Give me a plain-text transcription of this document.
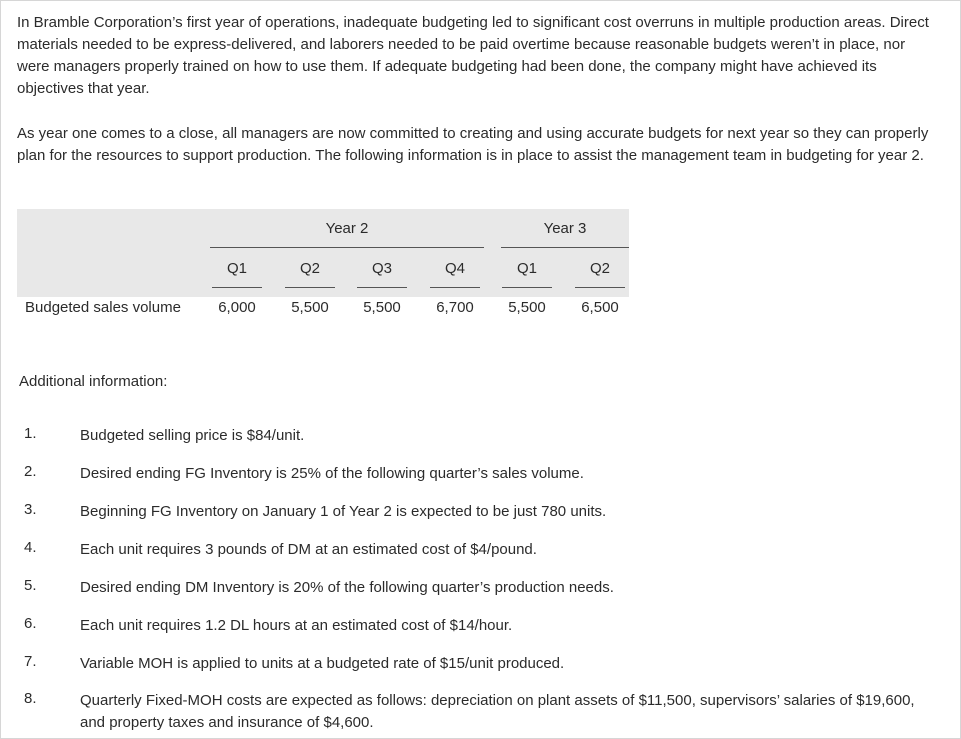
In Bramble Corporation’s first year of operations, inadequate budgeting led to significant cost overruns in multiple production areas. Direct materials needed to be express-delivered, and laborers needed to be paid overtime because reasonable budgets weren’t in place, nor were managers properly trained on how to use them. If adequate budgeting had been done, the company might have achieved its objectives that year.

As year one comes to a close, all managers are now committed to creating and using accurate budgets for next year so they can properly plan for the resources to support production. The following information is in place to assist the management team in budgeting for year 2.

Year 2	Year 3
Q1	Q2	Q3	Q4	Q1	Q2
Budgeted sales volume	6,000	5,500	5,500	6,700	5,500	6,500
Additional information:
1.	Budgeted selling price is $84/unit.
2.	Desired ending FG Inventory is 25% of the following quarter’s sales volume.
3.	Beginning FG Inventory on January 1 of Year 2 is expected to be just 780 units.
4.	Each unit requires 3 pounds of DM at an estimated cost of $4/pound.
5.	Desired ending DM Inventory is 20% of the following quarter’s production needs.
6.	Each unit requires 1.2 DL hours at an estimated cost of $14/hour.
7.	Variable MOH is applied to units at a budgeted rate of $15/unit produced.
8.	Quarterly Fixed-MOH costs are expected as follows: depreciation on plant assets of $11,500, supervisors’ salaries of $19,600, and property taxes and insurance of $4,600.
